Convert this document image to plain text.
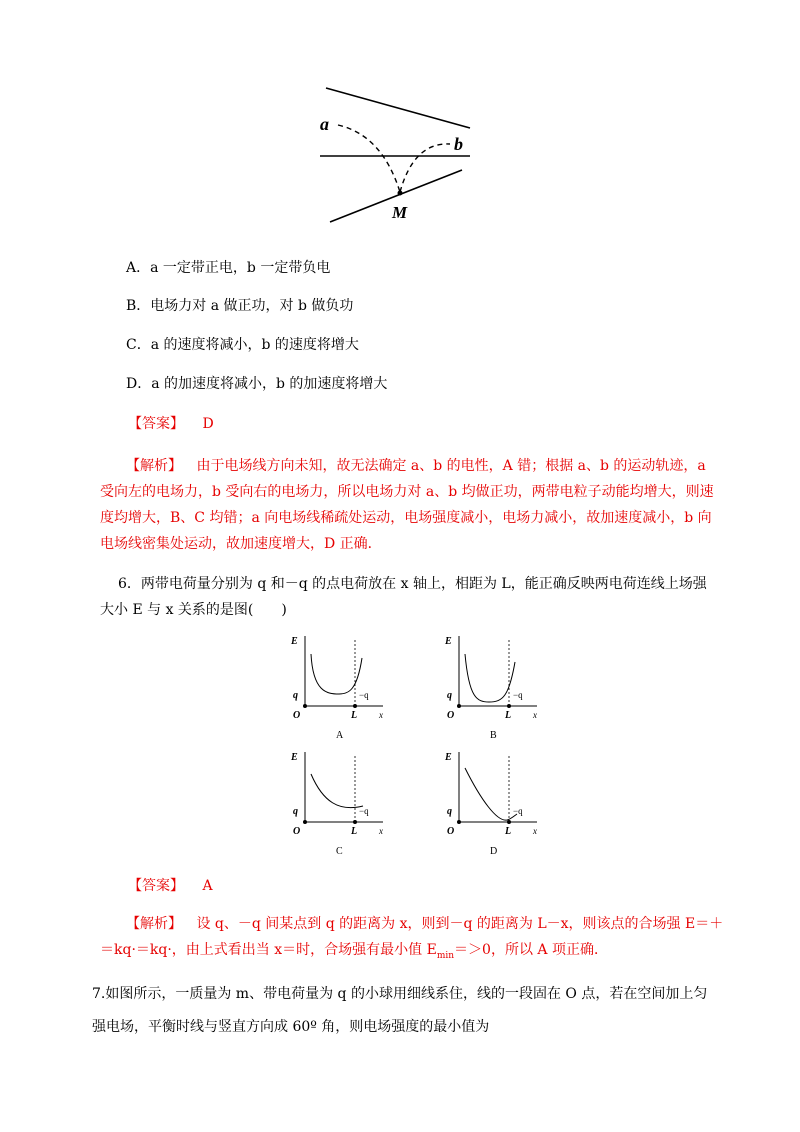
a
b
M
A．a 一定带正电，b 一定带负电
B．电场力对 a 做正功，对 b 做负功
C．a 的速度将减小，b 的速度将增大
D．a 的加速度将减小，b 的加速度将增大
【答案】 D
【解析】 由于电场线方向未知，故无法确定 a、b 的电性，A 错；根据 a、b 的运动轨迹，a
受向左的电场力，b 受向右的电场力，所以电场力对 a、b 均做正功，两带电粒子动能均增大，则速
度均增大，B、C 均错；a 向电场线稀疏处运动，电场强度减小，电场力减小，故加速度减小，b 向
电场线密集处运动，故加速度增大，D 正确．
6．两带电荷量分别为 q 和－q 的点电荷放在 x 轴上，相距为 L，能正确反映两电荷连线上场强
大小 E 与 x 关系的是图(　　)
E
q
O	L x
−q
A
E
q
O	L x
−q
B
E
q
O	L x
−q
C
E
q
O	L x
−q
D
【答案】 A
【解析】 设 q、－q 间某点到 q 的距离为 x，则到－q 的距离为 L－x，则该点的合场强 E＝＋
＝kq·＝kq·，由上式看出当 x＝时，合场强有最小值 $E_{min}=>0$，所以 A 项正确．
7.如图所示，一质量为 m、带电荷量为 q 的小球用细线系住，线的一段固在 O 点，若在空间加上匀
强电场，平衡时线与竖直方向成 60º 角，则电场强度的最小值为
